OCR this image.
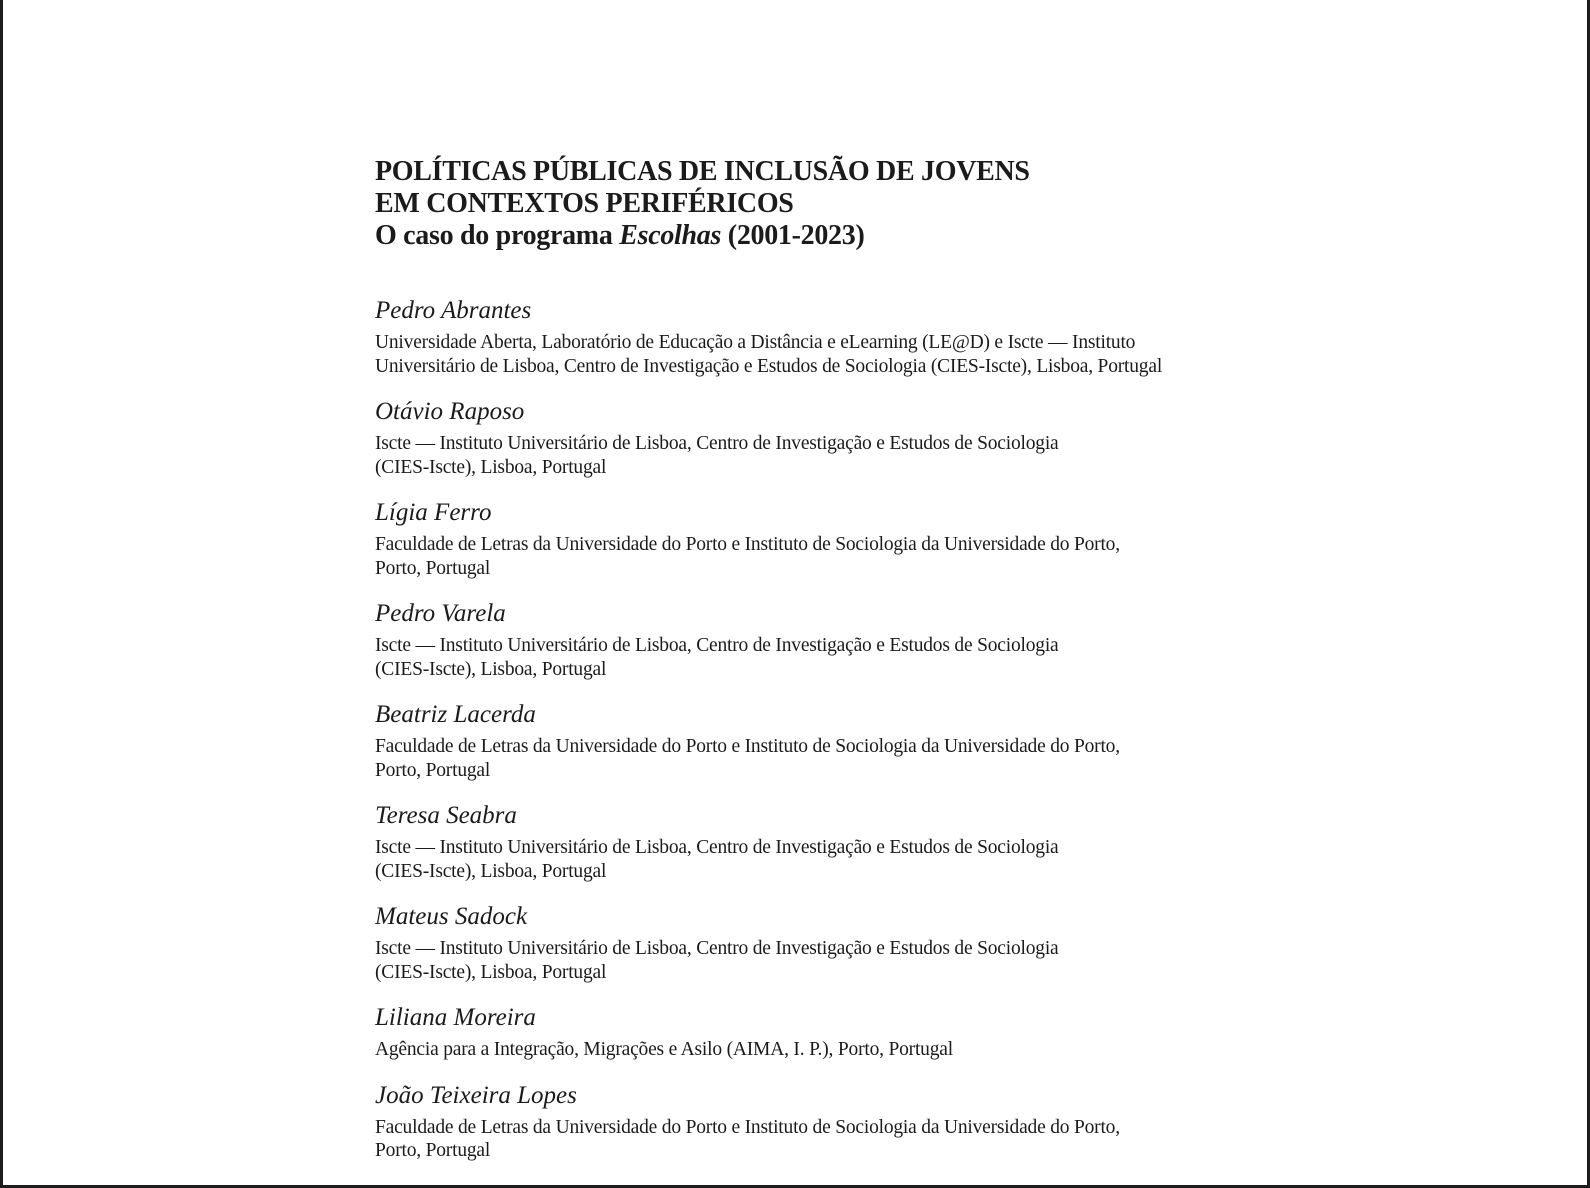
POLÍTICAS PÚBLICAS DE INCLUSÃO DE JOVENS
EM CONTEXTOS PERIFÉRICOS
O caso do programa Escolhas (2001-2023)
Pedro Abrantes
Universidade Aberta, Laboratório de Educação a Distância e eLearning (LE@D) e Iscte — Instituto
Universitário de Lisboa, Centro de Investigação e Estudos de Sociologia (CIES-Iscte), Lisboa, Portugal
Otávio Raposo
Iscte — Instituto Universitário de Lisboa, Centro de Investigação e Estudos de Sociologia
(CIES-Iscte), Lisboa, Portugal
Lígia Ferro
Faculdade de Letras da Universidade do Porto e Instituto de Sociologia da Universidade do Porto,
Porto, Portugal
Pedro Varela
Iscte — Instituto Universitário de Lisboa, Centro de Investigação e Estudos de Sociologia
(CIES-Iscte), Lisboa, Portugal
Beatriz Lacerda
Faculdade de Letras da Universidade do Porto e Instituto de Sociologia da Universidade do Porto,
Porto, Portugal
Teresa Seabra
Iscte — Instituto Universitário de Lisboa, Centro de Investigação e Estudos de Sociologia
(CIES-Iscte), Lisboa, Portugal
Mateus Sadock
Iscte — Instituto Universitário de Lisboa, Centro de Investigação e Estudos de Sociologia
(CIES-Iscte), Lisboa, Portugal
Liliana Moreira
Agência para a Integração, Migrações e Asilo (AIMA, I. P.), Porto, Portugal
João Teixeira Lopes
Faculdade de Letras da Universidade do Porto e Instituto de Sociologia da Universidade do Porto,
Porto, Portugal
